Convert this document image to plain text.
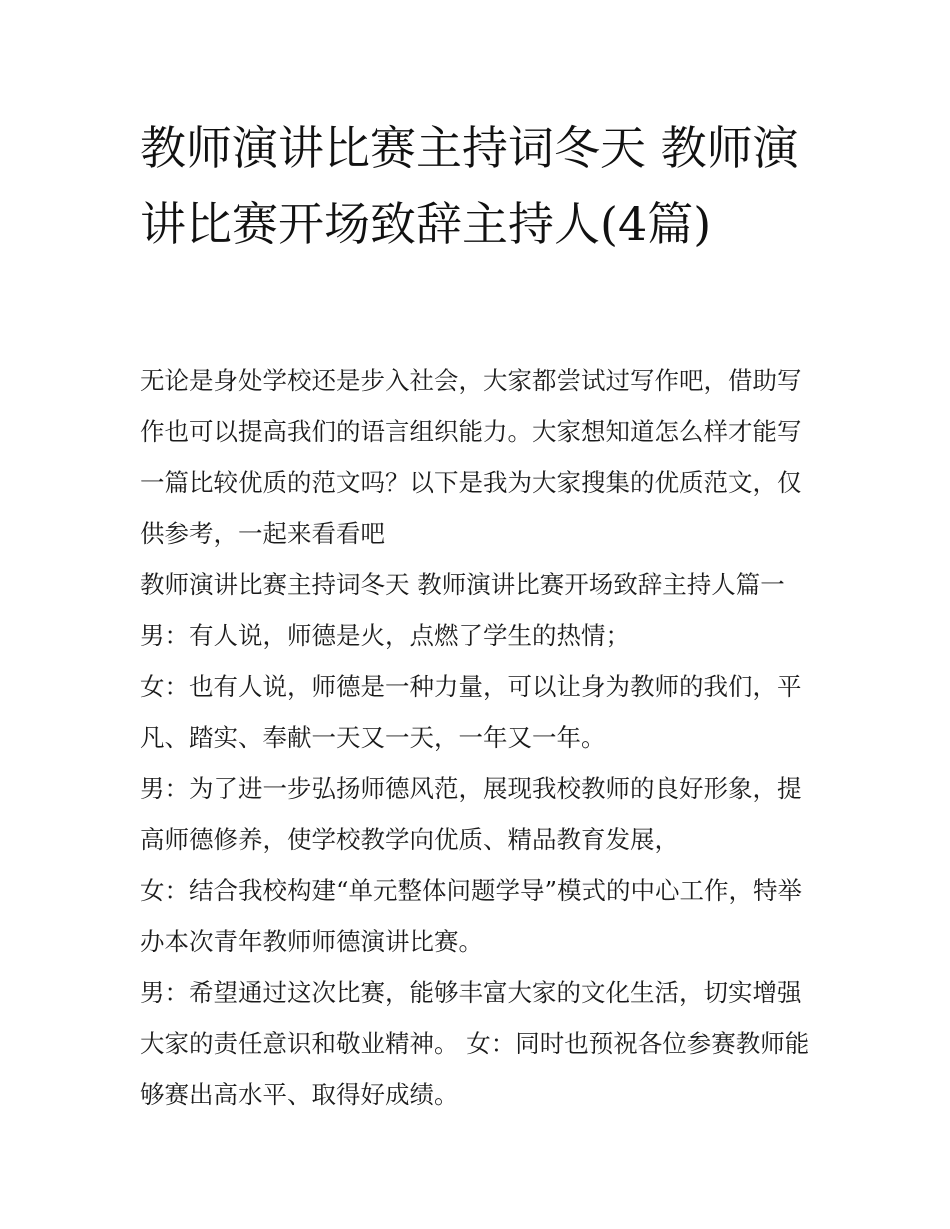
教师演讲比赛主持词冬天 教师演讲比赛开场致辞主持人(4篇)

无论是身处学校还是步入社会，大家都尝试过写作吧，借助写作也可以提高我们的语言组织能力。大家想知道怎么样才能写一篇比较优质的范文吗？以下是我为大家搜集的优质范文，仅供参考，一起来看看吧

教师演讲比赛主持词冬天 教师演讲比赛开场致辞主持人篇一

男：有人说，师德是火，点燃了学生的热情；

女：也有人说，师德是一种力量，可以让身为教师的我们，平凡、踏实、奉献一天又一天，一年又一年。

男：为了进一步弘扬师德风范，展现我校教师的良好形象，提高师德修养，使学校教学向优质、精品教育发展，

女：结合我校构建“单元整体问题学导”模式的中心工作，特举办本次青年教师师德演讲比赛。

男：希望通过这次比赛，能够丰富大家的文化生活，切实增强大家的责任意识和敬业精神。 女：同时也预祝各位参赛教师能够赛出高水平、取得好成绩。
